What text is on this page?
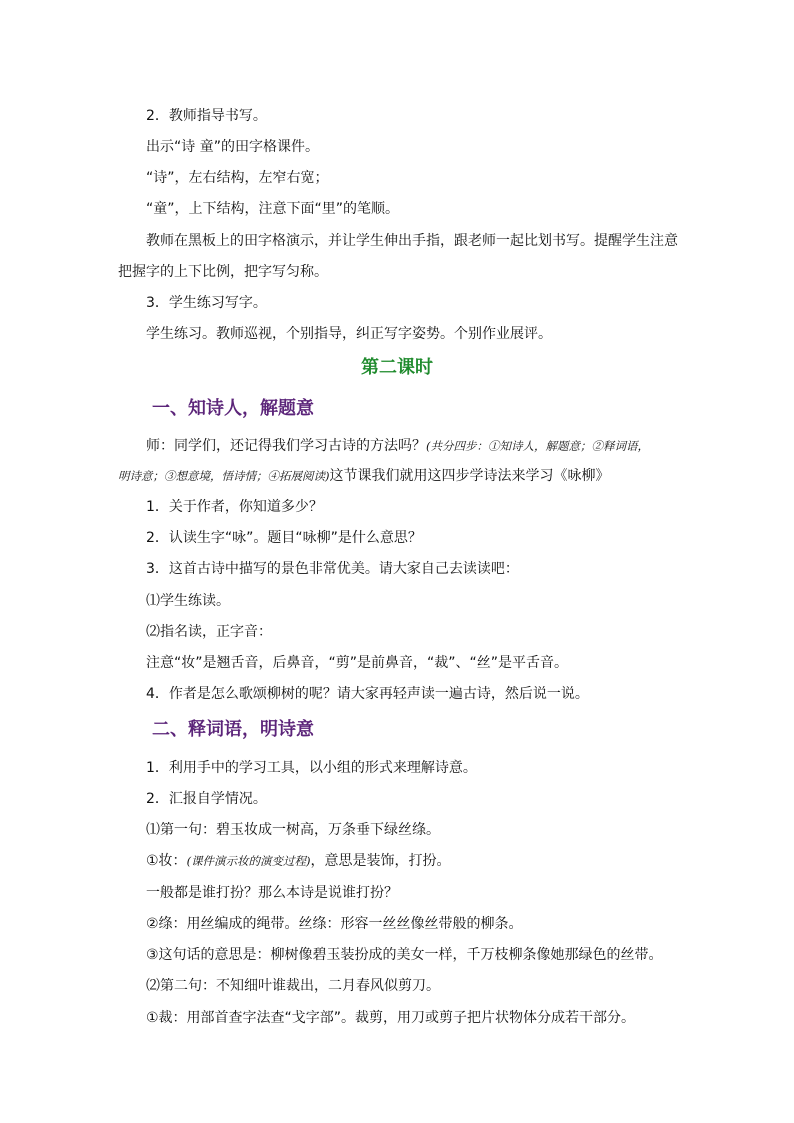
2．教师指导书写。
出示“诗 童”的田字格课件。
“诗”，左右结构，左窄右宽；
“童”，上下结构，注意下面“里”的笔顺。
教师在黑板上的田字格演示，并让学生伸出手指，跟老师一起比划书写。提醒学生注意
把握字的上下比例，把字写匀称。
3．学生练习写字。
学生练习。教师巡视，个别指导，纠正写字姿势。个别作业展评。
第二课时
一、知诗人，解题意
师：同学们，还记得我们学习古诗的方法吗？(共分四步：①知诗人，解题意；②释词语，
明诗意；③想意境，悟诗情；④拓展阅读)这节课我们就用这四步学诗法来学习《咏柳》
1．关于作者，你知道多少？
2．认读生字“咏”。题目“咏柳”是什么意思？
3．这首古诗中描写的景色非常优美。请大家自己去读读吧：
⑴学生练读。
⑵指名读，正字音：
注意“妆”是翘舌音，后鼻音，“剪”是前鼻音，“裁”、“丝”是平舌音。
4．作者是怎么歌颂柳树的呢？请大家再轻声读一遍古诗，然后说一说。
二、释词语，明诗意
1．利用手中的学习工具，以小组的形式来理解诗意。
2．汇报自学情况。
⑴第一句：碧玉妆成一树高，万条垂下绿丝绦。
①妆：(课件演示妆的演变过程)，意思是装饰，打扮。
一般都是谁打扮？那么本诗是说谁打扮？
②绦：用丝编成的绳带。丝绦：形容一丝丝像丝带般的柳条。
③这句话的意思是：柳树像碧玉装扮成的美女一样，千万枝柳条像她那绿色的丝带。
⑵第二句：不知细叶谁裁出，二月春风似剪刀。
①裁：用部首查字法查“戈字部”。裁剪，用刀或剪子把片状物体分成若干部分。
